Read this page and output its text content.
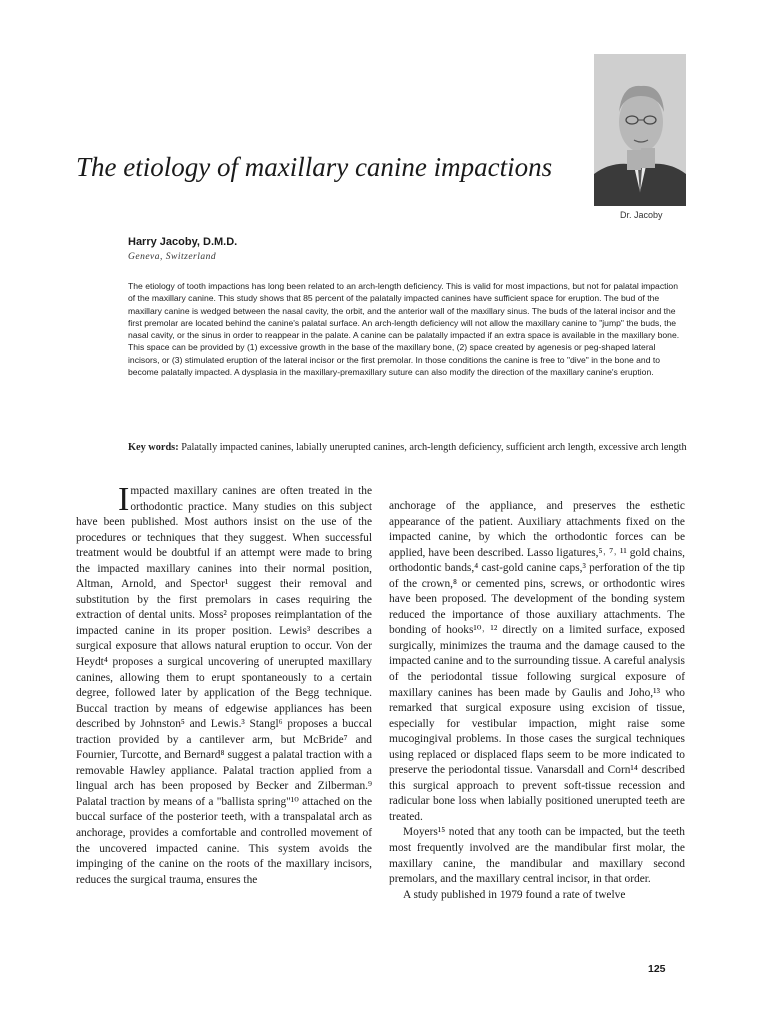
The etiology of maxillary canine impactions
Dr. Jacoby
Harry Jacoby, D.M.D.
Geneva, Switzerland

The etiology of tooth impactions has long been related to an arch-length deficiency. This is valid for most impactions, but not for palatal impaction of the maxillary canine. This study shows that 85 percent of the palatally impacted canines have sufficient space for eruption. The bud of the maxillary canine is wedged between the nasal cavity, the orbit, and the anterior wall of the maxillary sinus. The buds of the lateral incisor and the first premolar are located behind the canine's palatal surface. An arch-length deficiency will not allow the maxillary canine to "jump" the buds, the nasal cavity, or the sinus in order to reappear in the palate. A canine can be palatally impacted if an extra space is available in the maxillary bone. This space can be provided by (1) excessive growth in the base of the maxillary bone, (2) space created by agenesis or peg-shaped lateral incisors, or (3) stimulated eruption of the lateral incisor or the first premolar. In those conditions the canine is free to "dive" in the bone and to become palatally impacted. A dysplasia in the maxillary-premaxillary suture can also modify the direction of the maxillary canine's eruption.

Key words: Palatally impacted canines, labially unerupted canines, arch-length deficiency, sufficient arch length, excessive arch length

Impacted maxillary canines are often treated in the orthodontic practice. Many studies on this subject have been published. Most authors insist on the use of the procedures or techniques that they suggest. When successful treatment would be doubtful if an attempt were made to bring the impacted maxillary canines into their normal position, Altman, Arnold, and Spector¹ suggest their removal and substitution by the first premolars in cases requiring the extraction of dental units. Moss² proposes reimplantation of the impacted canine in its proper position. Lewis³ describes a surgical exposure that allows natural eruption to occur. Von der Heydt⁴ proposes a surgical uncovering of unerupted maxillary canines, allowing them to erupt spontaneously to a certain degree, followed later by application of the Begg technique. Buccal traction by means of edgewise appliances has been described by Johnston⁵ and Lewis.³ Stangl⁶ proposes a buccal traction provided by a cantilever arm, but McBride⁷ and Fournier, Turcotte, and Bernard⁸ suggest a palatal traction with a removable Hawley appliance. Palatal traction applied from a lingual arch has been proposed by Becker and Zilberman.⁹ Palatal traction by means of a "ballista spring"¹⁰ attached on the buccal surface of the posterior teeth, with a transpalatal arch as anchorage, provides a comfortable and controlled movement of the uncovered impacted canine. This system avoids the impinging of the canine on the roots of the maxillary incisors, reduces the surgical trauma, ensures the

anchorage of the appliance, and preserves the esthetic appearance of the patient. Auxiliary attachments fixed on the impacted canine, by which the orthodontic forces can be applied, have been described. Lasso ligatures,⁵˒ ⁷˒ ¹¹ gold chains, orthodontic bands,⁴ cast-gold canine caps,³ perforation of the tip of the crown,⁸ or cemented pins, screws, or orthodontic wires have been proposed. The development of the bonding system reduced the importance of those auxiliary attachments. The bonding of hooks¹⁰˒ ¹² directly on a limited surface, exposed surgically, minimizes the trauma and the damage caused to the impacted canine and to the surrounding tissue. A careful analysis of the periodontal tissue following surgical exposure of maxillary canines has been made by Gaulis and Joho,¹³ who remarked that surgical exposure using excision of tissue, especially for vestibular impaction, might raise some mucogingival problems. In those cases the surgical techniques using replaced or displaced flaps seem to be more indicated to preserve the periodontal tissue. Vanarsdall and Corn¹⁴ described this surgical approach to prevent soft-tissue recession and radicular bone loss when labially positioned unerupted teeth are treated.

Moyers¹⁵ noted that any tooth can be impacted, but the teeth most frequently involved are the mandibular first molar, the maxillary canine, the mandibular and maxillary second premolars, and the maxillary central incisor, in that order.

A study published in 1979 found a rate of twelve

125
